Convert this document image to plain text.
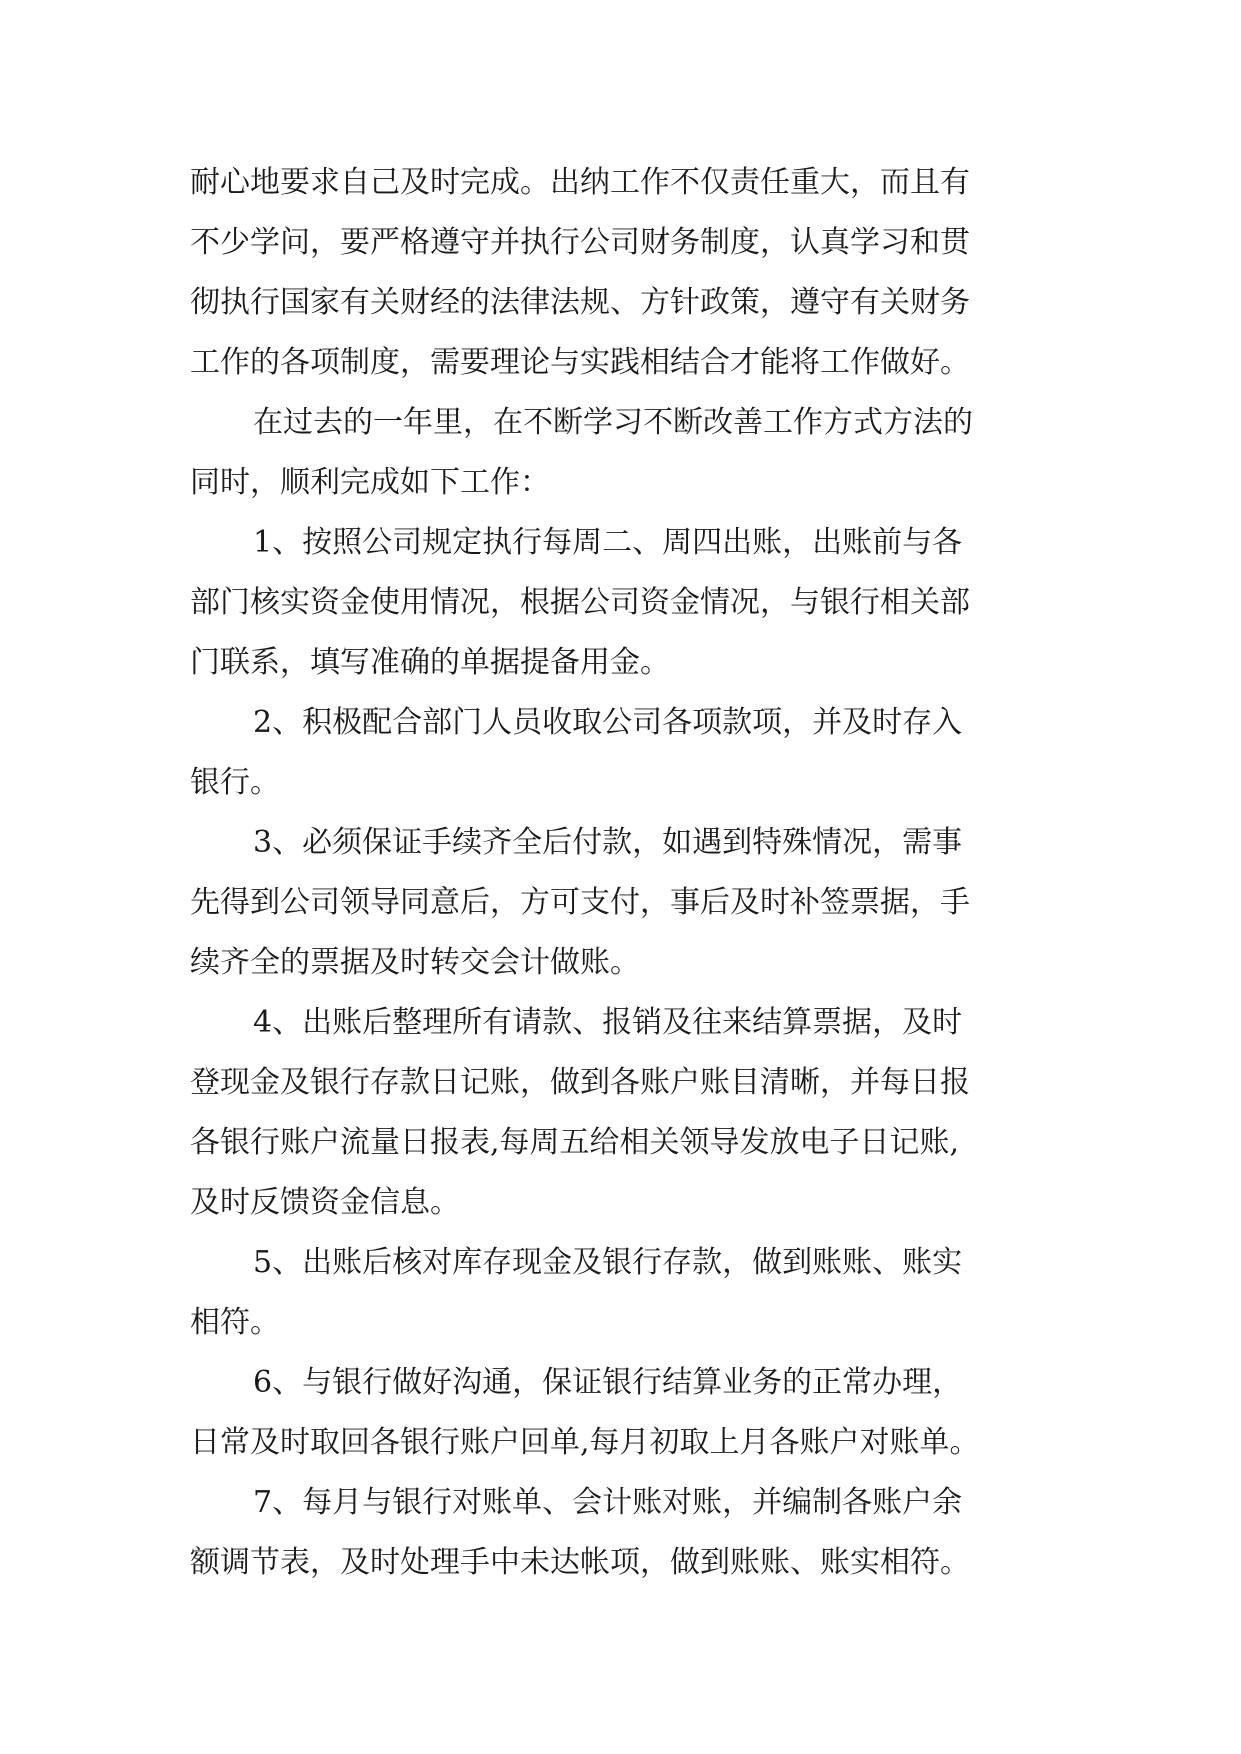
耐心地要求自己及时完成。出纳工作不仅责任重大，而且有
不少学问，要严格遵守并执行公司财务制度，认真学习和贯
彻执行国家有关财经的法律法规、方针政策，遵守有关财务
工作的各项制度，需要理论与实践相结合才能将工作做好。
在过去的一年里，在不断学习不断改善工作方式方法的
同时，顺利完成如下工作：
1、按照公司规定执行每周二、周四出账，出账前与各
部门核实资金使用情况，根据公司资金情况，与银行相关部
门联系，填写准确的单据提备用金。
2、积极配合部门人员收取公司各项款项，并及时存入
银行。
3、必须保证手续齐全后付款，如遇到特殊情况，需事
先得到公司领导同意后，方可支付，事后及时补签票据，手
续齐全的票据及时转交会计做账。
4、出账后整理所有请款、报销及往来结算票据，及时
登现金及银行存款日记账，做到各账户账目清晰，并每日报
各银行账户流量日报表,每周五给相关领导发放电子日记账,
及时反馈资金信息。
5、出账后核对库存现金及银行存款，做到账账、账实
相符。
6、与银行做好沟通，保证银行结算业务的正常办理，
日常及时取回各银行账户回单,每月初取上月各账户对账单。
7、每月与银行对账单、会计账对账，并编制各账户余
额调节表，及时处理手中未达帐项，做到账账、账实相符。
